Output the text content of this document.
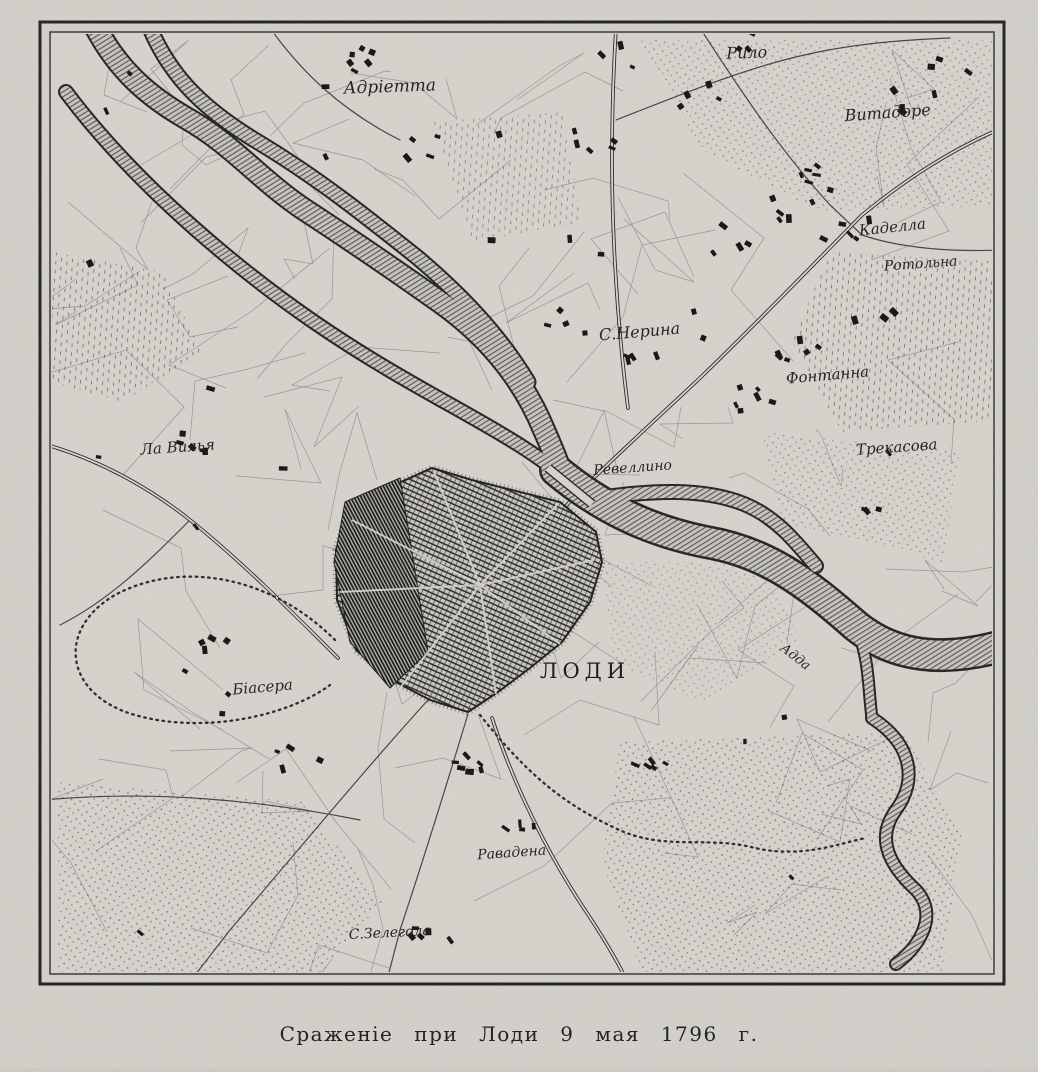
Сраженіе при Лоди 9 мая 1796 г.
